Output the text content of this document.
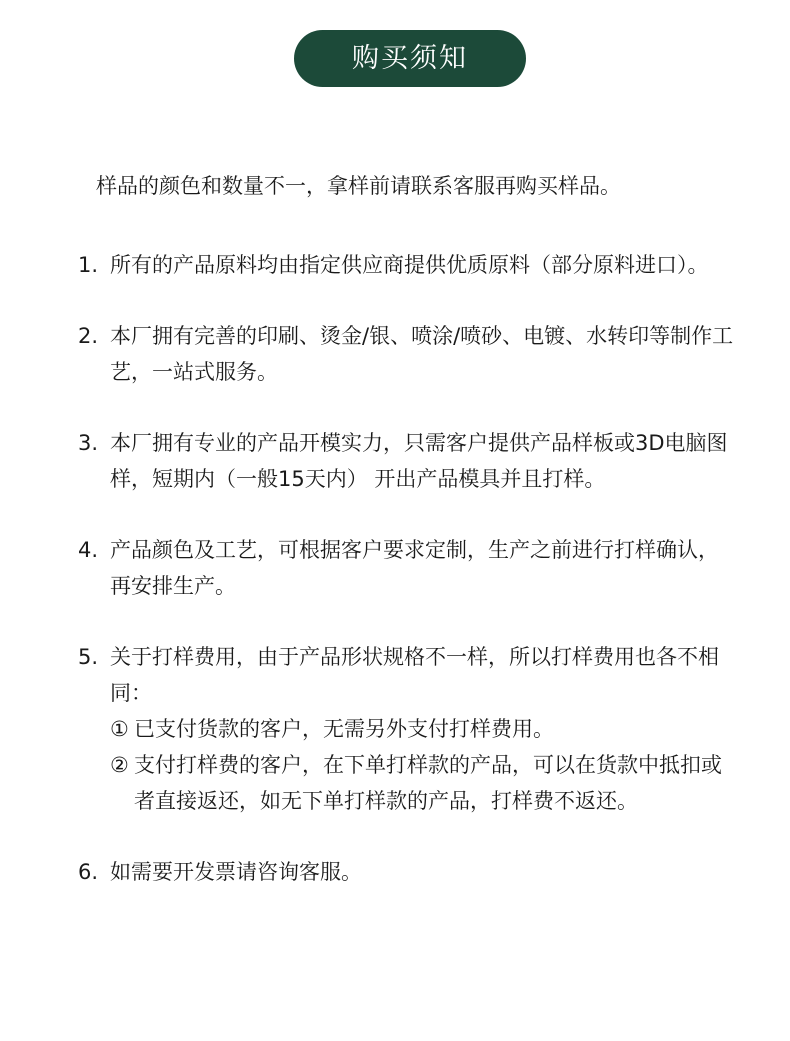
购买须知
样品的颜色和数量不一，拿样前请联系客服再购买样品。
1. 所有的产品原料均由指定供应商提供优质原料（部分原料进口）。
2. 本厂拥有完善的印刷、烫金/银、喷涂/喷砂、电镀、水转印等制作工艺，一站式服务。
3. 本厂拥有专业的产品开模实力，只需客户提供产品样板或3D电脑图样，短期内（一般15天内） 开出产品模具并且打样。
4. 产品颜色及工艺，可根据客户要求定制，生产之前进行打样确认，再安排生产。
5. 关于打样费用，由于产品形状规格不一样，所以打样费用也各不相同：
① 已支付货款的客户，无需另外支付打样费用。
② 支付打样费的客户，在下单打样款的产品，可以在货款中抵扣或者直接返还，如无下单打样款的产品，打样费不返还。
6. 如需要开发票请咨询客服。
